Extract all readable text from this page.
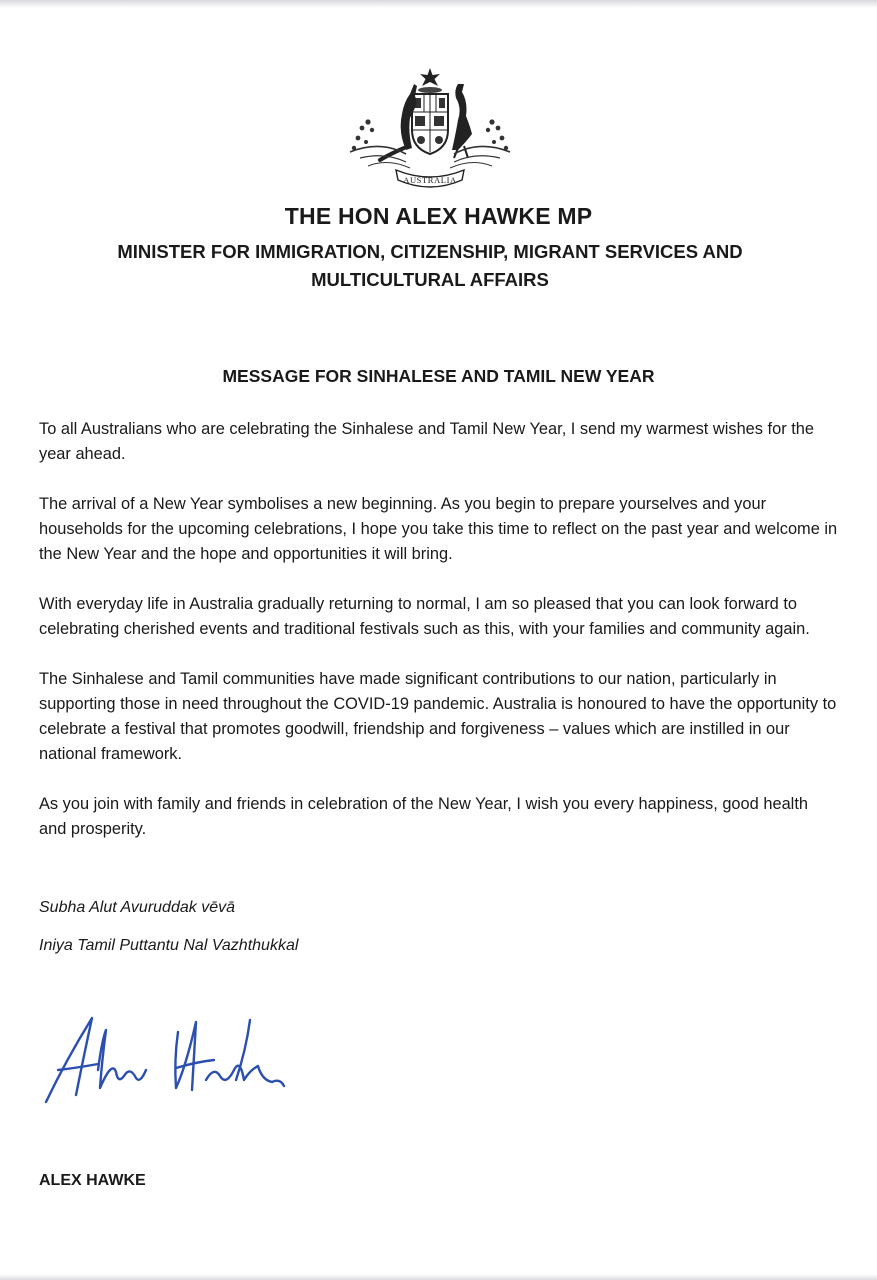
AUSTRALIA
THE HON ALEX HAWKE MP
MINISTER FOR IMMIGRATION, CITIZENSHIP, MIGRANT SERVICES AND MULTICULTURAL AFFAIRS
MESSAGE FOR SINHALESE AND TAMIL NEW YEAR

To all Australians who are celebrating the Sinhalese and Tamil New Year, I send my warmest wishes for the year ahead.

The arrival of a New Year symbolises a new beginning. As you begin to prepare yourselves and your households for the upcoming celebrations, I hope you take this time to reflect on the past year and welcome in the New Year and the hope and opportunities it will bring.

With everyday life in Australia gradually returning to normal, I am so pleased that you can look forward to celebrating cherished events and traditional festivals such as this, with your families and community again.

The Sinhalese and Tamil communities have made significant contributions to our nation, particularly in supporting those in need throughout the COVID-19 pandemic. Australia is honoured to have the opportunity to celebrate a festival that promotes goodwill, friendship and forgiveness – values which are instilled in our national framework.

As you join with family and friends in celebration of the New Year, I wish you every happiness, good health and prosperity.

Subha Alut Avuruddak vēvā
Iniya Tamil Puttantu Nal Vazhthukkal
ALEX HAWKE
